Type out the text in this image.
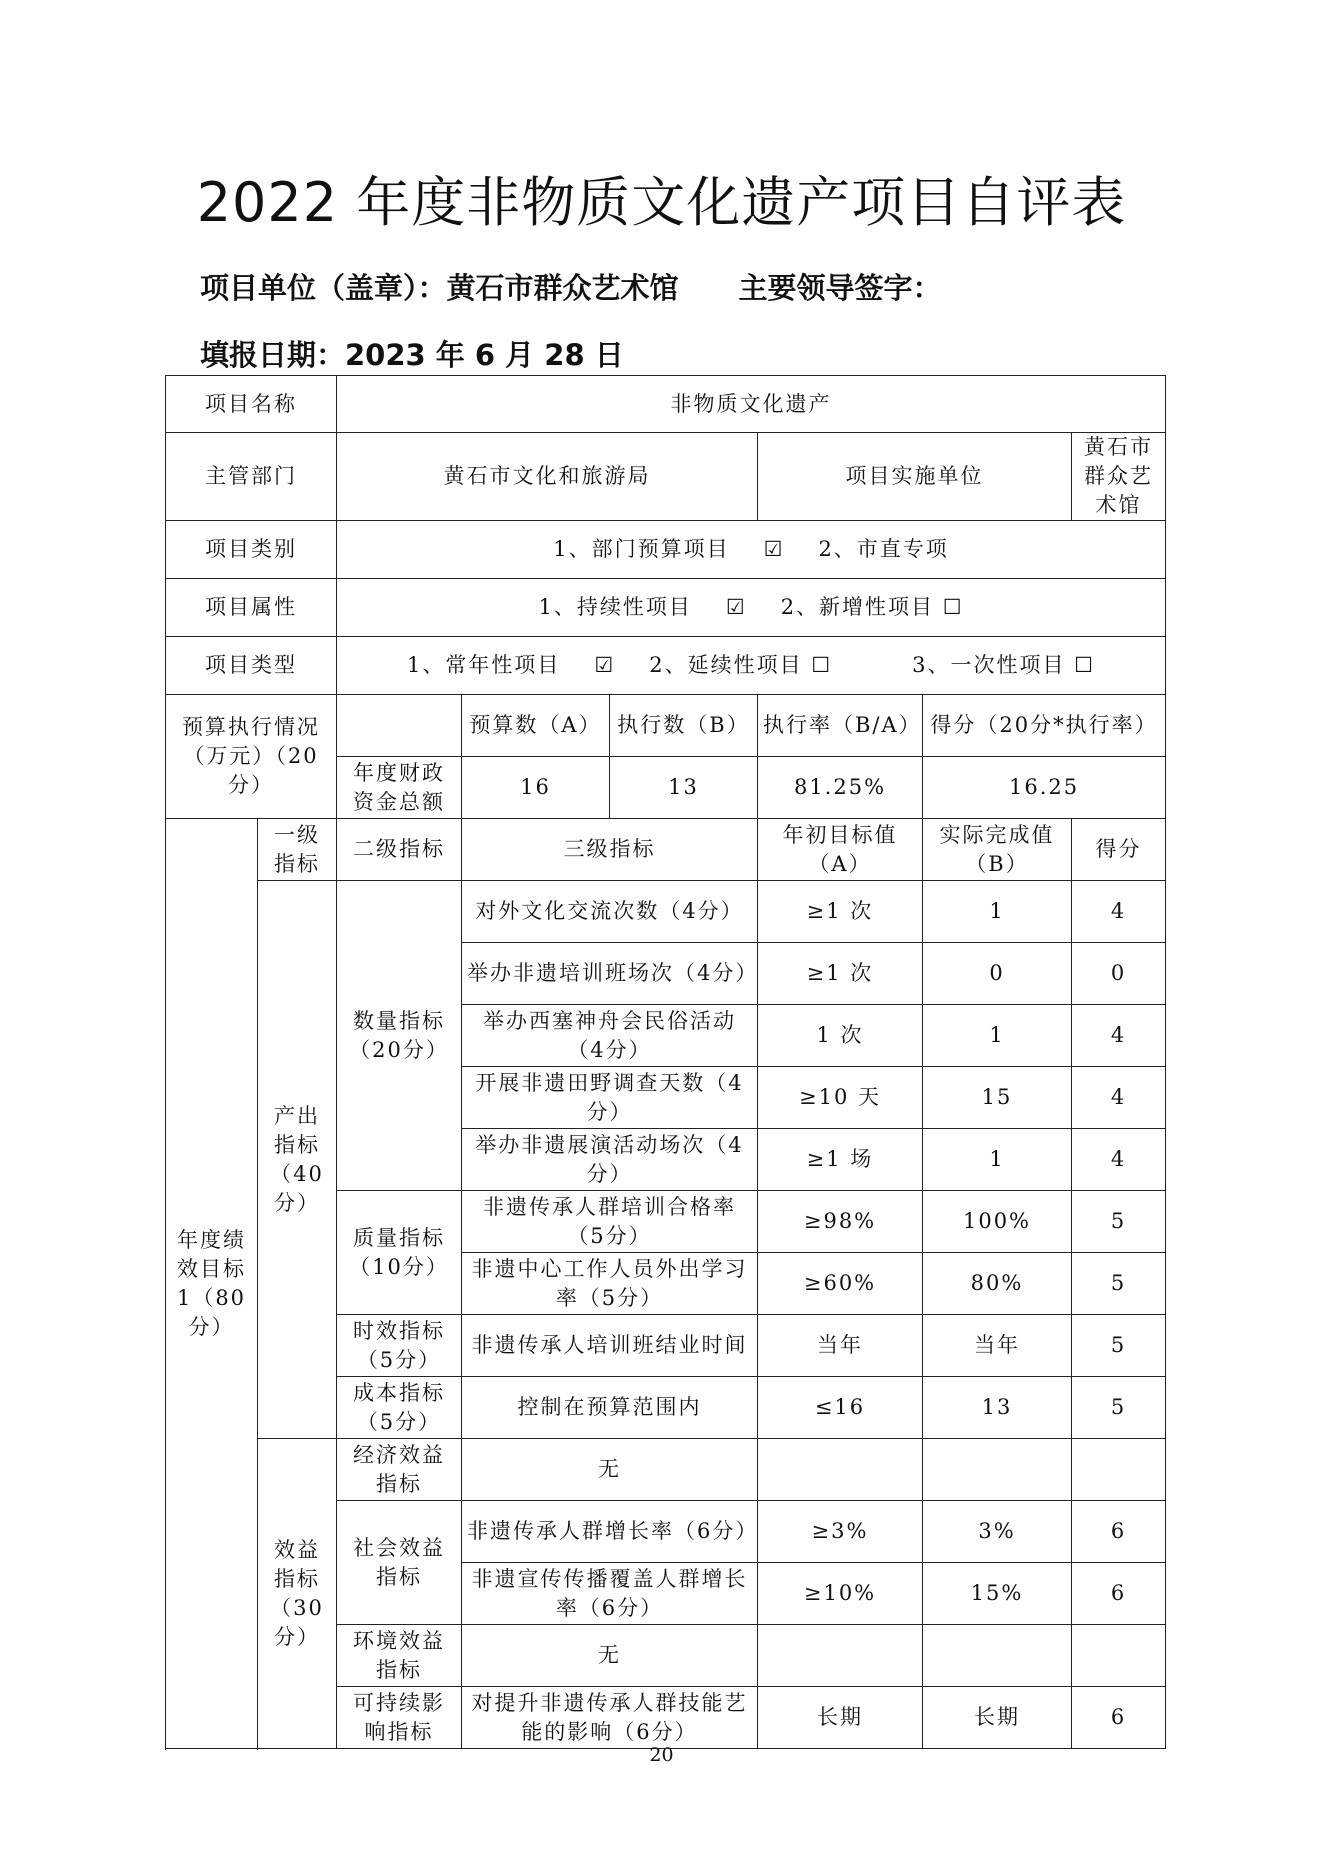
2022 年度非物质文化遗产项目自评表
项目单位（盖章）：黄石市群众艺术馆 主要领导签字：
填报日期：2023 年 6 月 28 日
项目名称		非物质文化遗产					
主管部门		黄石市文化和旅游局			项目实施单位		黄石市群众艺术馆
项目类别		1、部门预算项目 ☑ 2、市直专项					
项目属性		1、持续性项目 ☑ 2、新增性项目 ☐					
项目类型		1、常年性项目 ☑ 2、延续性项目 ☐ 3、一次性项目 ☐					
预算执行情况（万元）（20分）			预算数（A）	执行数（B）	执行率（B/A）	得分（20分*执行率）	
		年度财政资金总额	16	13	81.25%	16.25	
年度绩效目标1（80分）	一级指标	二级指标	三级指标		年初目标值（A）	实际完成值（B）	得分
	产出指标（40分）	数量指标（20分）	对外文化交流次数（4分）		≥1 次	1	4
			举办非遗培训班场次（4分）		≥1 次	0	0
			举办西塞神舟会民俗活动（4分）		1 次	1	4
			开展非遗田野调查天数（4分）		≥10 天	15	4
			举办非遗展演活动场次（4分）		≥1 场	1	4
		质量指标（10分）	非遗传承人群培训合格率（5分）		≥98%	100%	5
			非遗中心工作人员外出学习率（5分）		≥60%	80%	5
		时效指标（5分）	非遗传承人培训班结业时间		当年	当年	5
		成本指标（5分）	控制在预算范围内		≤16	13	5
	效益指标（30分）	经济效益指标	无				
		社会效益指标	非遗传承人群增长率（6分）		≥3%	3%	6
			非遗宣传传播覆盖人群增长率（6分）		≥10%	15%	6
		环境效益指标	无				
		可持续影响指标	对提升非遗传承人群技能艺能的影响（6分）		长期	长期	6

20
